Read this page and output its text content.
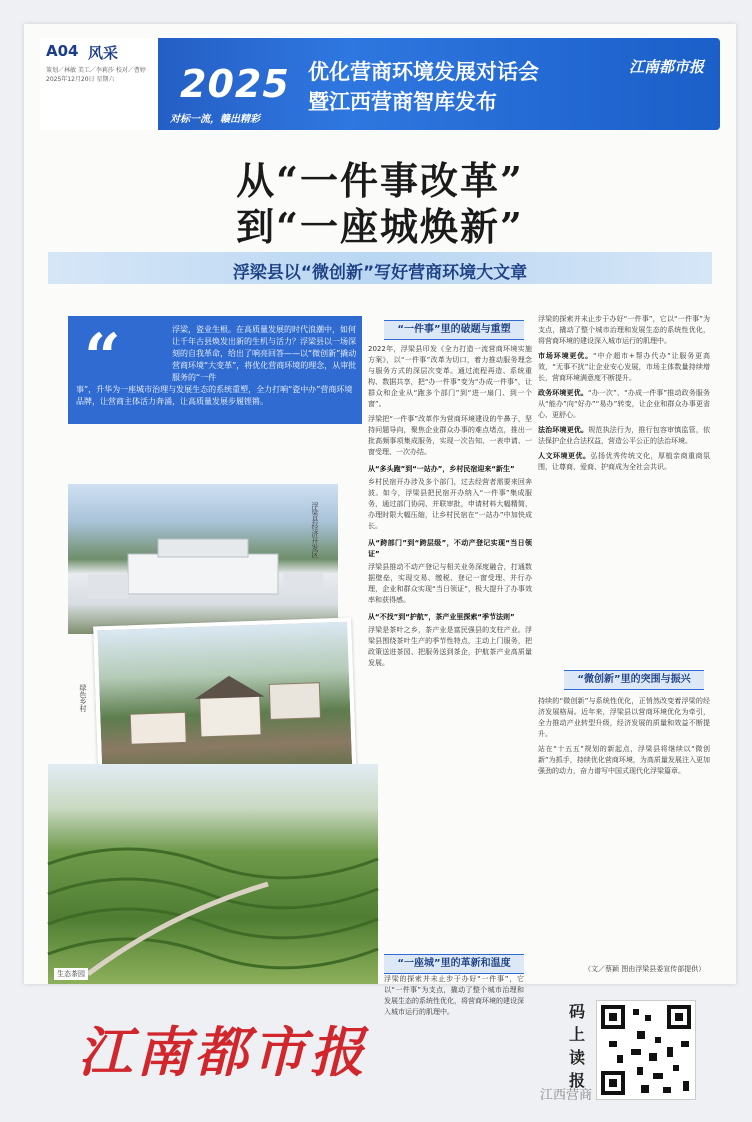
A04 风采
策划／林敏 美工／李莉莎 校对／曹婷
2025年12月20日 星期六	2025
对标一流，赣出精彩
优化营商环境发展对话会
暨江西营商智库发布
江南都市报
从“一件事改革”
到“一座城焕新”
浮梁县以“微创新”写好营商环境大文章
“	浮梁，瓷业生根。在高质量发展的时代浪潮中，如何让千年古县焕发出新的生机与活力？浮梁县以一场深刻的自我革命，给出了响亮回答——以“微创新”撬动营商环境“大变革”，将优化营商环境的理念，从审批服务的“一件
事”，升华为一座城市治理与发展生态的系统重塑，全力打响“瓷中办”营商环境品牌，让营商主体活力奔涌，让高质量发展步履铿锵。
浮梁县经济开发区
绿色乡村
生态茶园
“一件事”里的破题与重塑

2022年，浮梁县印发《全力打造一流营商环境实施方案》，以“一件事”改革为切口，着力推动服务理念与服务方式的深层次变革。通过流程再造、系统重构、数据共享，把“办一件事”变为“办成一件事”，让群众和企业从“跑多个部门”到“进一扇门、到一个窗”。

浮梁把“一件事”改革作为营商环境建设的牛鼻子，坚持问题导向，聚焦企业群众办事的难点堵点，推出一批高频事项集成服务，实现一次告知、一表申请、一窗受理、一次办结。

从“多头跑”到“一站办”，乡村民宿迎来“新生”

乡村民宿开办涉及多个部门，过去经营者需要来回奔波。如今，浮梁县把民宿开办纳入“一件事”集成服务，通过部门协同、并联审批，申请材料大幅精简，办理时限大幅压缩，让乡村民宿在“一站办”中加快成长。

从“跨部门”到“跨层级”，不动产登记实现“当日领证”

浮梁县推动不动产登记与相关业务深度融合，打通数据壁垒，实现交易、缴税、登记一窗受理、并行办理，企业和群众实现“当日领证”，极大提升了办事效率和获得感。

从“不找”到“护航”，茶产业里探索“季节法则”

浮梁是茶叶之乡，茶产业是富民强县的支柱产业。浮梁县围绕茶叶生产的季节性特点，主动上门服务，把政策送进茶园、把服务送到茶企，护航茶产业高质量发展。

“一座城”里的革新和温度
浮梁的探索并未止步于办好“一件事”，它以“一件事”为支点，撬动了整个城市治理和发展生态的系统性优化，将营商环境的建设深入城市运行的肌理中。

浮梁的探索并未止步于办好“一件事”，它以“一件事”为支点，撬动了整个城市治理和发展生态的系统性优化，将营商环境的建设深入城市运行的肌理中。

市场环境更优。“中介超市+帮办代办”让服务更高效，“无事不扰”让企业安心发展，市场主体数量持续增长，营商环境满意度不断提升。

政务环境更优。“办一次”、“办成一件事”推动政务服务从“能办”向“好办”“易办”转变，让企业和群众办事更省心、更舒心。

法治环境更优。规范执法行为，推行包容审慎监管，依法保护企业合法权益，营造公平公正的法治环境。

人文环境更优。弘扬优秀传统文化，厚植亲商重商氛围，让尊商、爱商、护商成为全社会共识。

“微创新”里的突围与振兴

持续的“微创新”与系统性优化，正悄然改变着浮梁的经济发展格局。近年来，浮梁县以营商环境优化为牵引，全力推动产业转型升级，经济发展的质量和效益不断提升。

站在“十五五”规划的新起点，浮梁县将继续以“微创新”为抓手，持续优化营商环境，为高质量发展注入更加强劲的动力，奋力谱写中国式现代化浮梁篇章。

（文／蔡颖 图由浮梁县委宣传部提供）
江南都市报
码上读报
江西营商
